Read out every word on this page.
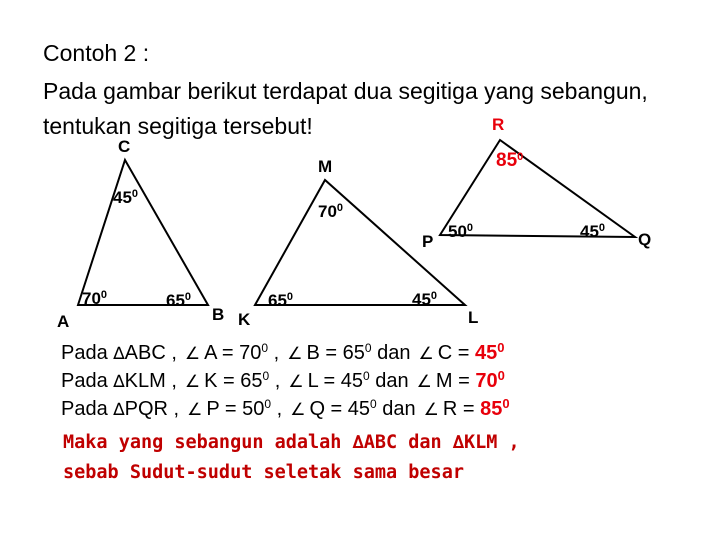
Contoh 2 :
Pada gambar berikut terdapat dua segitiga yang sebangun,
tentukan segitiga tersebut!
C
A	B
$45^0$
$70^0$	$65^0$
M
K	L
$70^0$
$65^0$	$45^0$
R
P	Q
$85^0$
$50^0$	$45^0$
Pada ∆ABC , ∠ $A = 70^0$ , ∠ $B = 65^0$ dan ∠ $C = 45^0$
Pada ∆KLM , ∠ $K = 65^0$ , ∠ $L = 45^0$ dan ∠ $M = 70^0$
Pada ∆PQR , ∠ $P = 50^0$ , ∠ $Q = 45^0$ dan ∠ $R = 85^0$
Maka yang sebangun adalah ∆ABC dan ∆KLM ,
sebab Sudut-sudut seletak sama besar
